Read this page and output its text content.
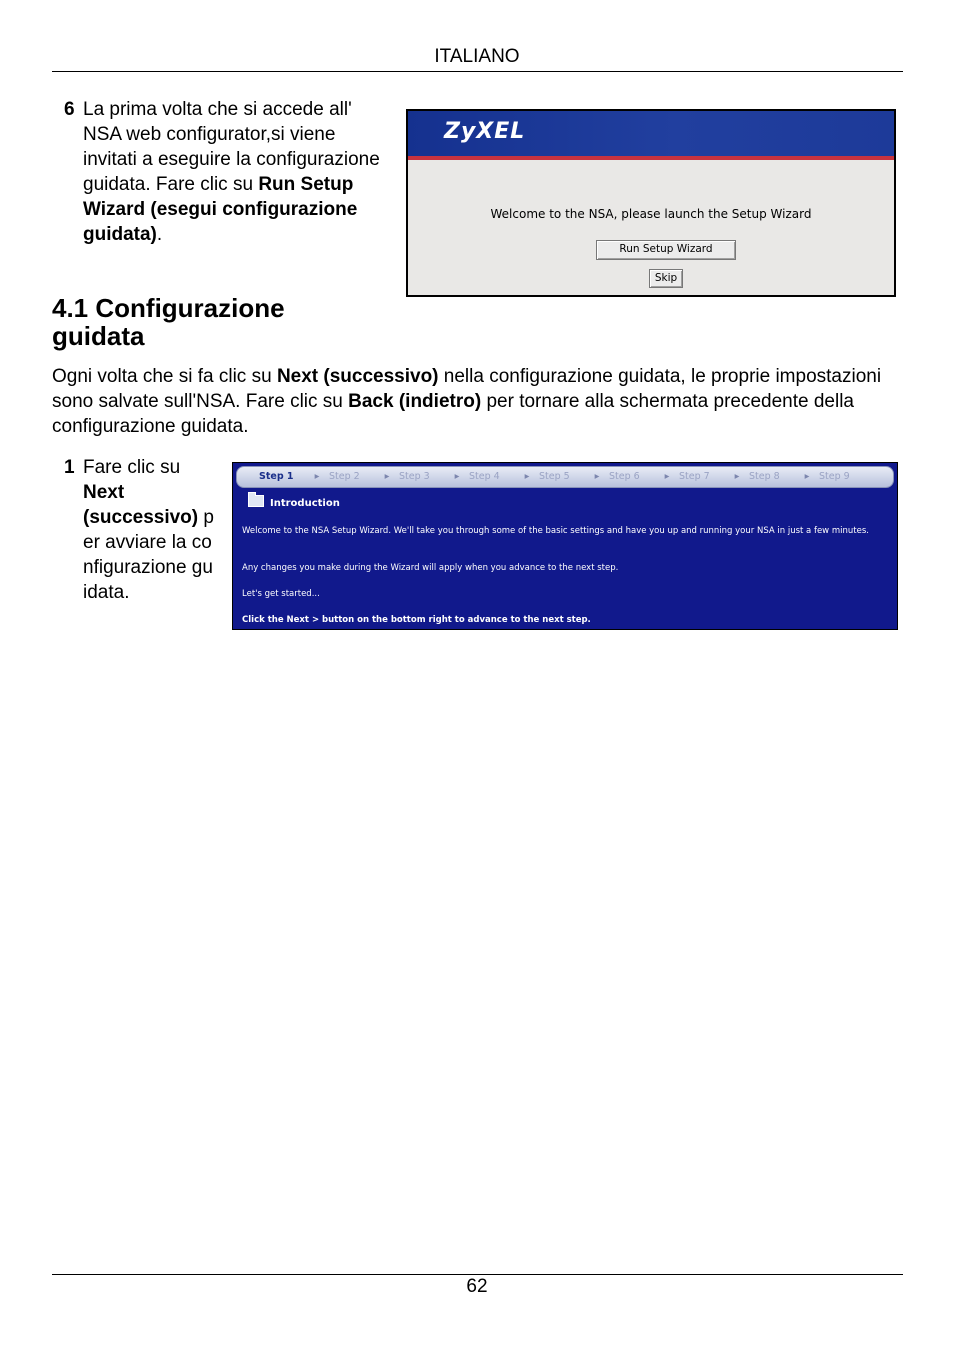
ITALIANO
6 La prima volta che si accede all' NSA web configurator,si viene invitati a eseguire la configurazione guidata. Fare clic su Run Setup Wizard (esegui configurazione guidata).
ZyXEL
Welcome to the NSA, please launch the Setup Wizard
Run Setup Wizard
Skip
4.1 Configurazione guidata
Ogni volta che si fa clic su Next (successivo) nella configurazione guidata, le proprie impostazioni sono salvate sull'NSA. Fare clic su Back (indietro) per tornare alla schermata precedente della configurazione guidata.
1 Fare clic su Next (successivo) per avviare la configurazione guidata.
Step 1	▸	Step 2	▸	Step 3	▸	Step 4	▸	Step 5	▸	Step 6	▸	Step 7	▸	Step 8	▸	Step 9
Introduction
Welcome to the NSA Setup Wizard. We'll take you through some of the basic settings and have you up and running your NSA in just a few minutes.
Any changes you make during the Wizard will apply when you advance to the next step.
Let's get started...
Click the Next > button on the bottom right to advance to the next step.
62
